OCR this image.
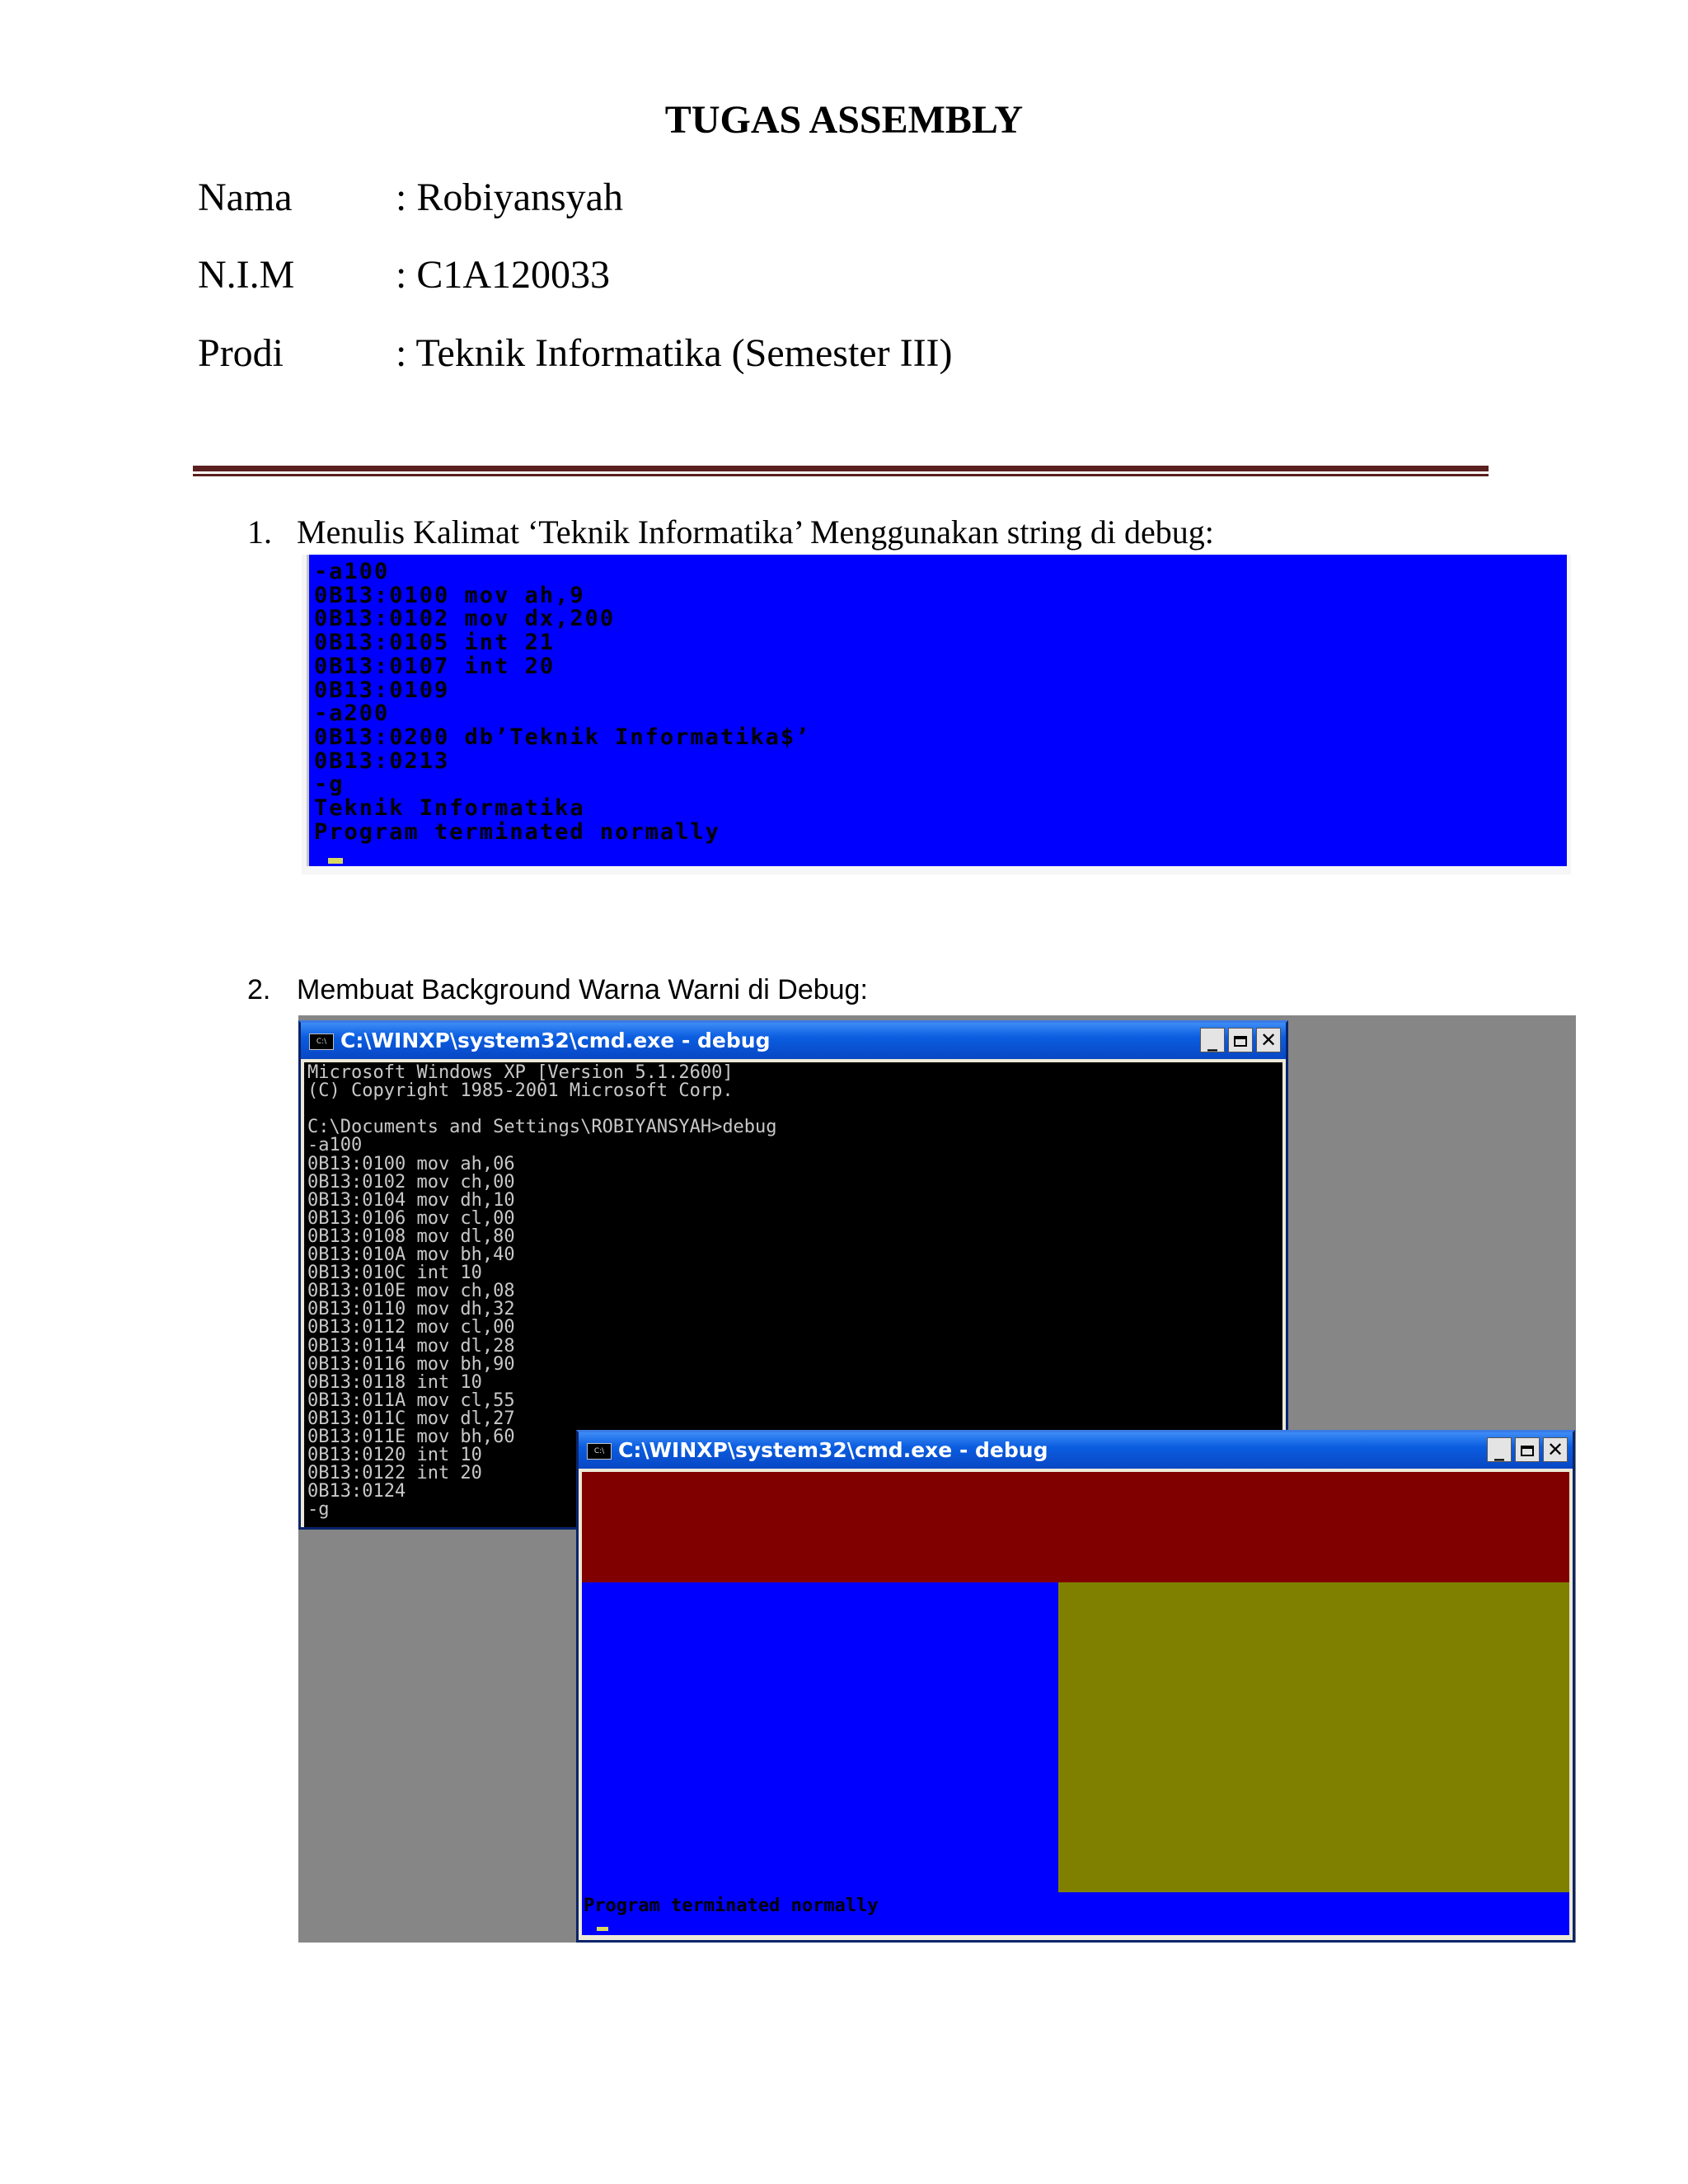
TUGAS ASSEMBLY
Nama	: Robiyansyah
N.I.M	: C1A120033
Prodi	: Teknik Informatika (Semester III)
1. Menulis Kalimat ‘Teknik Informatika’ Menggunakan string di debug:
-a100
0B13:0100 mov ah,9
0B13:0102 mov dx,200
0B13:0105 int 21
0B13:0107 int 20
0B13:0109
-a200
0B13:0200 db’Teknik Informatika$’
0B13:0213
-g
Teknik Informatika
Program terminated normally
2. Membuat Background Warna Warni di Debug:
C:\ C:\WINXP\system32\cmd.exe - debug	_	✕
Microsoft Windows XP [Version 5.1.2600]
(C) Copyright 1985-2001 Microsoft Corp.
C:\Documents and Settings\ROBIYANSYAH>debug
-a100
0B13:0100 mov ah,06
0B13:0102 mov ch,00
0B13:0104 mov dh,10
0B13:0106 mov cl,00
0B13:0108 mov dl,80
0B13:010A mov bh,40
0B13:010C int 10
0B13:010E mov ch,08
0B13:0110 mov dh,32
0B13:0112 mov cl,00
0B13:0114 mov dl,28
0B13:0116 mov bh,90
0B13:0118 int 10
0B13:011A mov cl,55
0B13:011C mov dl,27
0B13:011E mov bh,60
0B13:0120 int 10
0B13:0122 int 20
0B13:0124
-g
C:\ C:\WINXP\system32\cmd.exe - debug	_	✕
Program terminated normally
